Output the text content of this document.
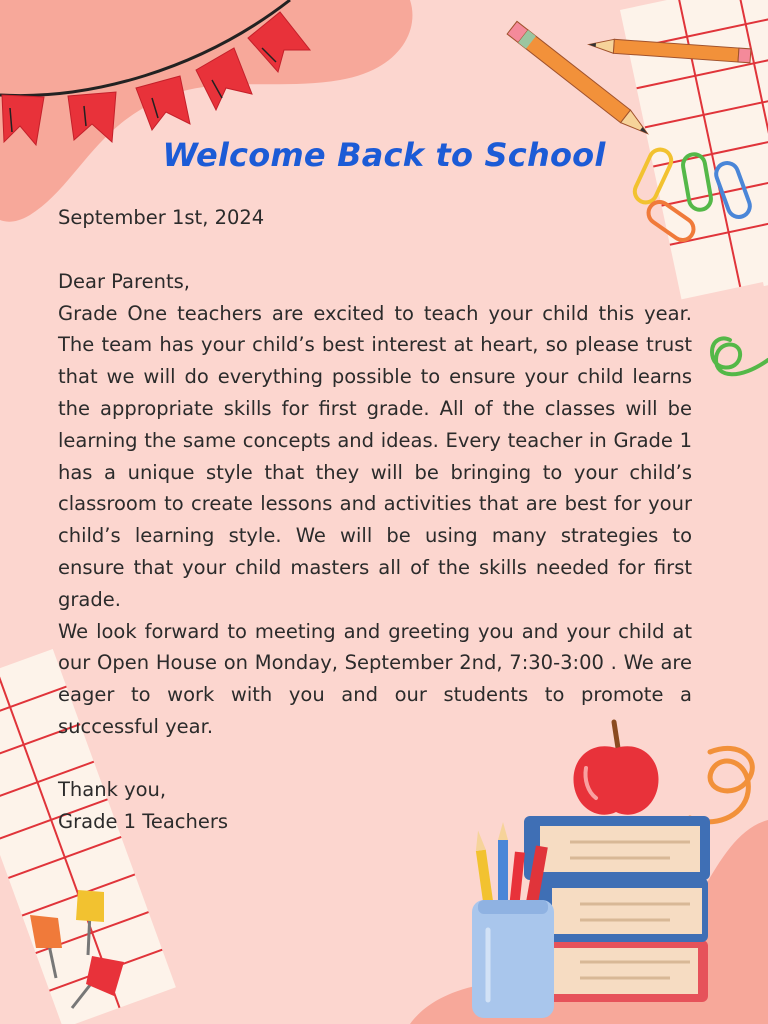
Welcome Back to School

September 1st, 2024

Dear Parents,

Grade One teachers are excited to teach your child this year. The team has your child’s best interest at heart, so please trust that we will do everything possible to ensure your child learns the appropriate skills for first grade. All of the classes will be learning the same concepts and ideas. Every teacher in Grade 1 has a unique style that they will be bringing to your child’s classroom to create lessons and activities that are best for your child’s learning style. We will be using many strategies to ensure that your child masters all of the skills needed for first grade.

We look forward to meeting and greeting you and your child at our Open House on Monday, September 2nd, 7:30-3:00 . We are eager to work with you and our students to promote a successful year.

Thank you,

Grade 1 Teachers
